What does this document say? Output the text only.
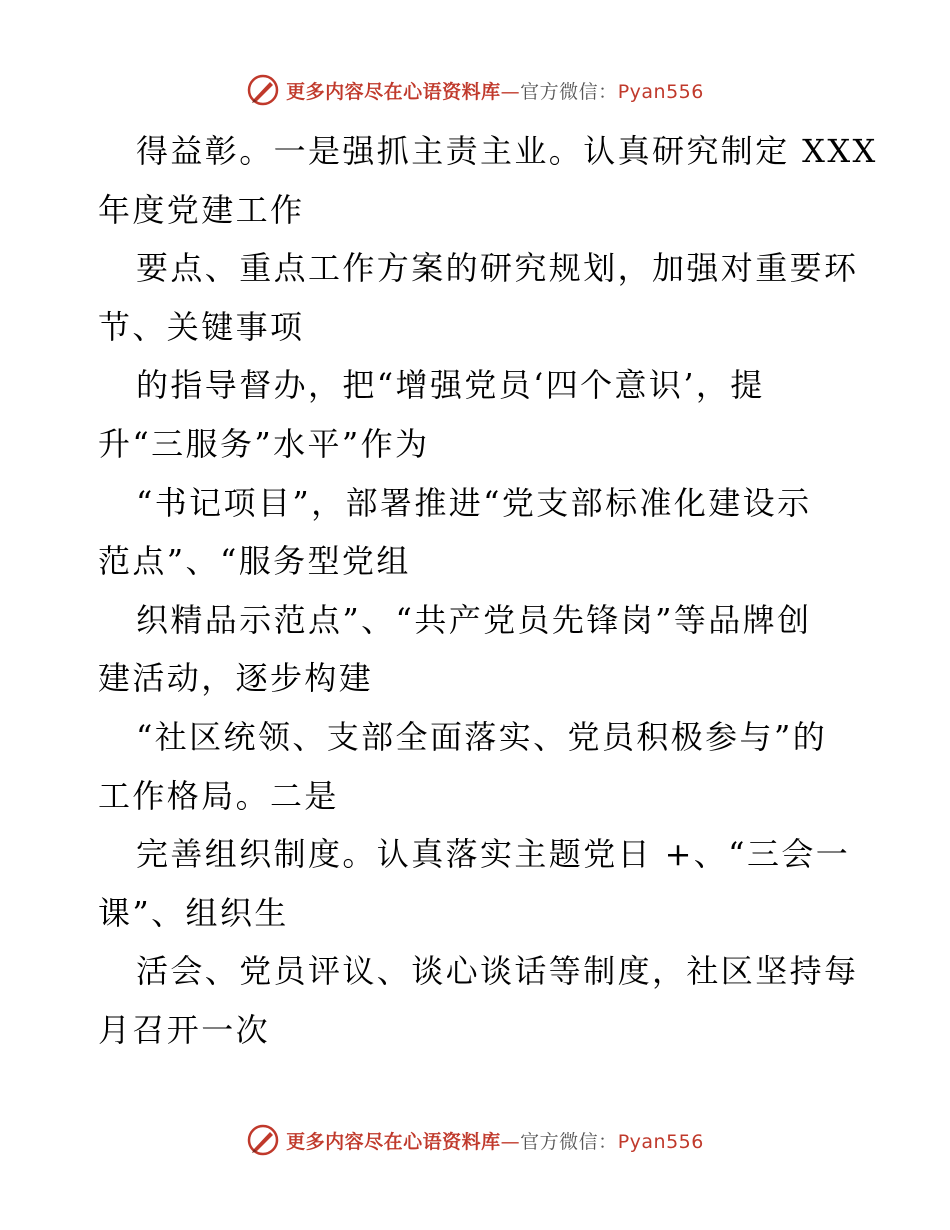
更多内容尽在心语资料库—官方微信：Pyan556
得益彰。一是强抓主责主业。认真研究制定 XXX
年度党建工作
要点、重点工作方案的研究规划，加强对重要环
节、关键事项
的指导督办，把“增强党员‘四个意识’，提
升“三服务”水平”作为
“书记项目”，部署推进“党支部标准化建设示
范点”、“服务型党组
织精品示范点”、“共产党员先锋岗”等品牌创
建活动，逐步构建
“社区统领、支部全面落实、党员积极参与”的
工作格局。二是
完善组织制度。认真落实主题党日 +、“三会一
课”、组织生
活会、党员评议、谈心谈话等制度，社区坚持每
月召开一次
更多内容尽在心语资料库—官方微信：Pyan556
